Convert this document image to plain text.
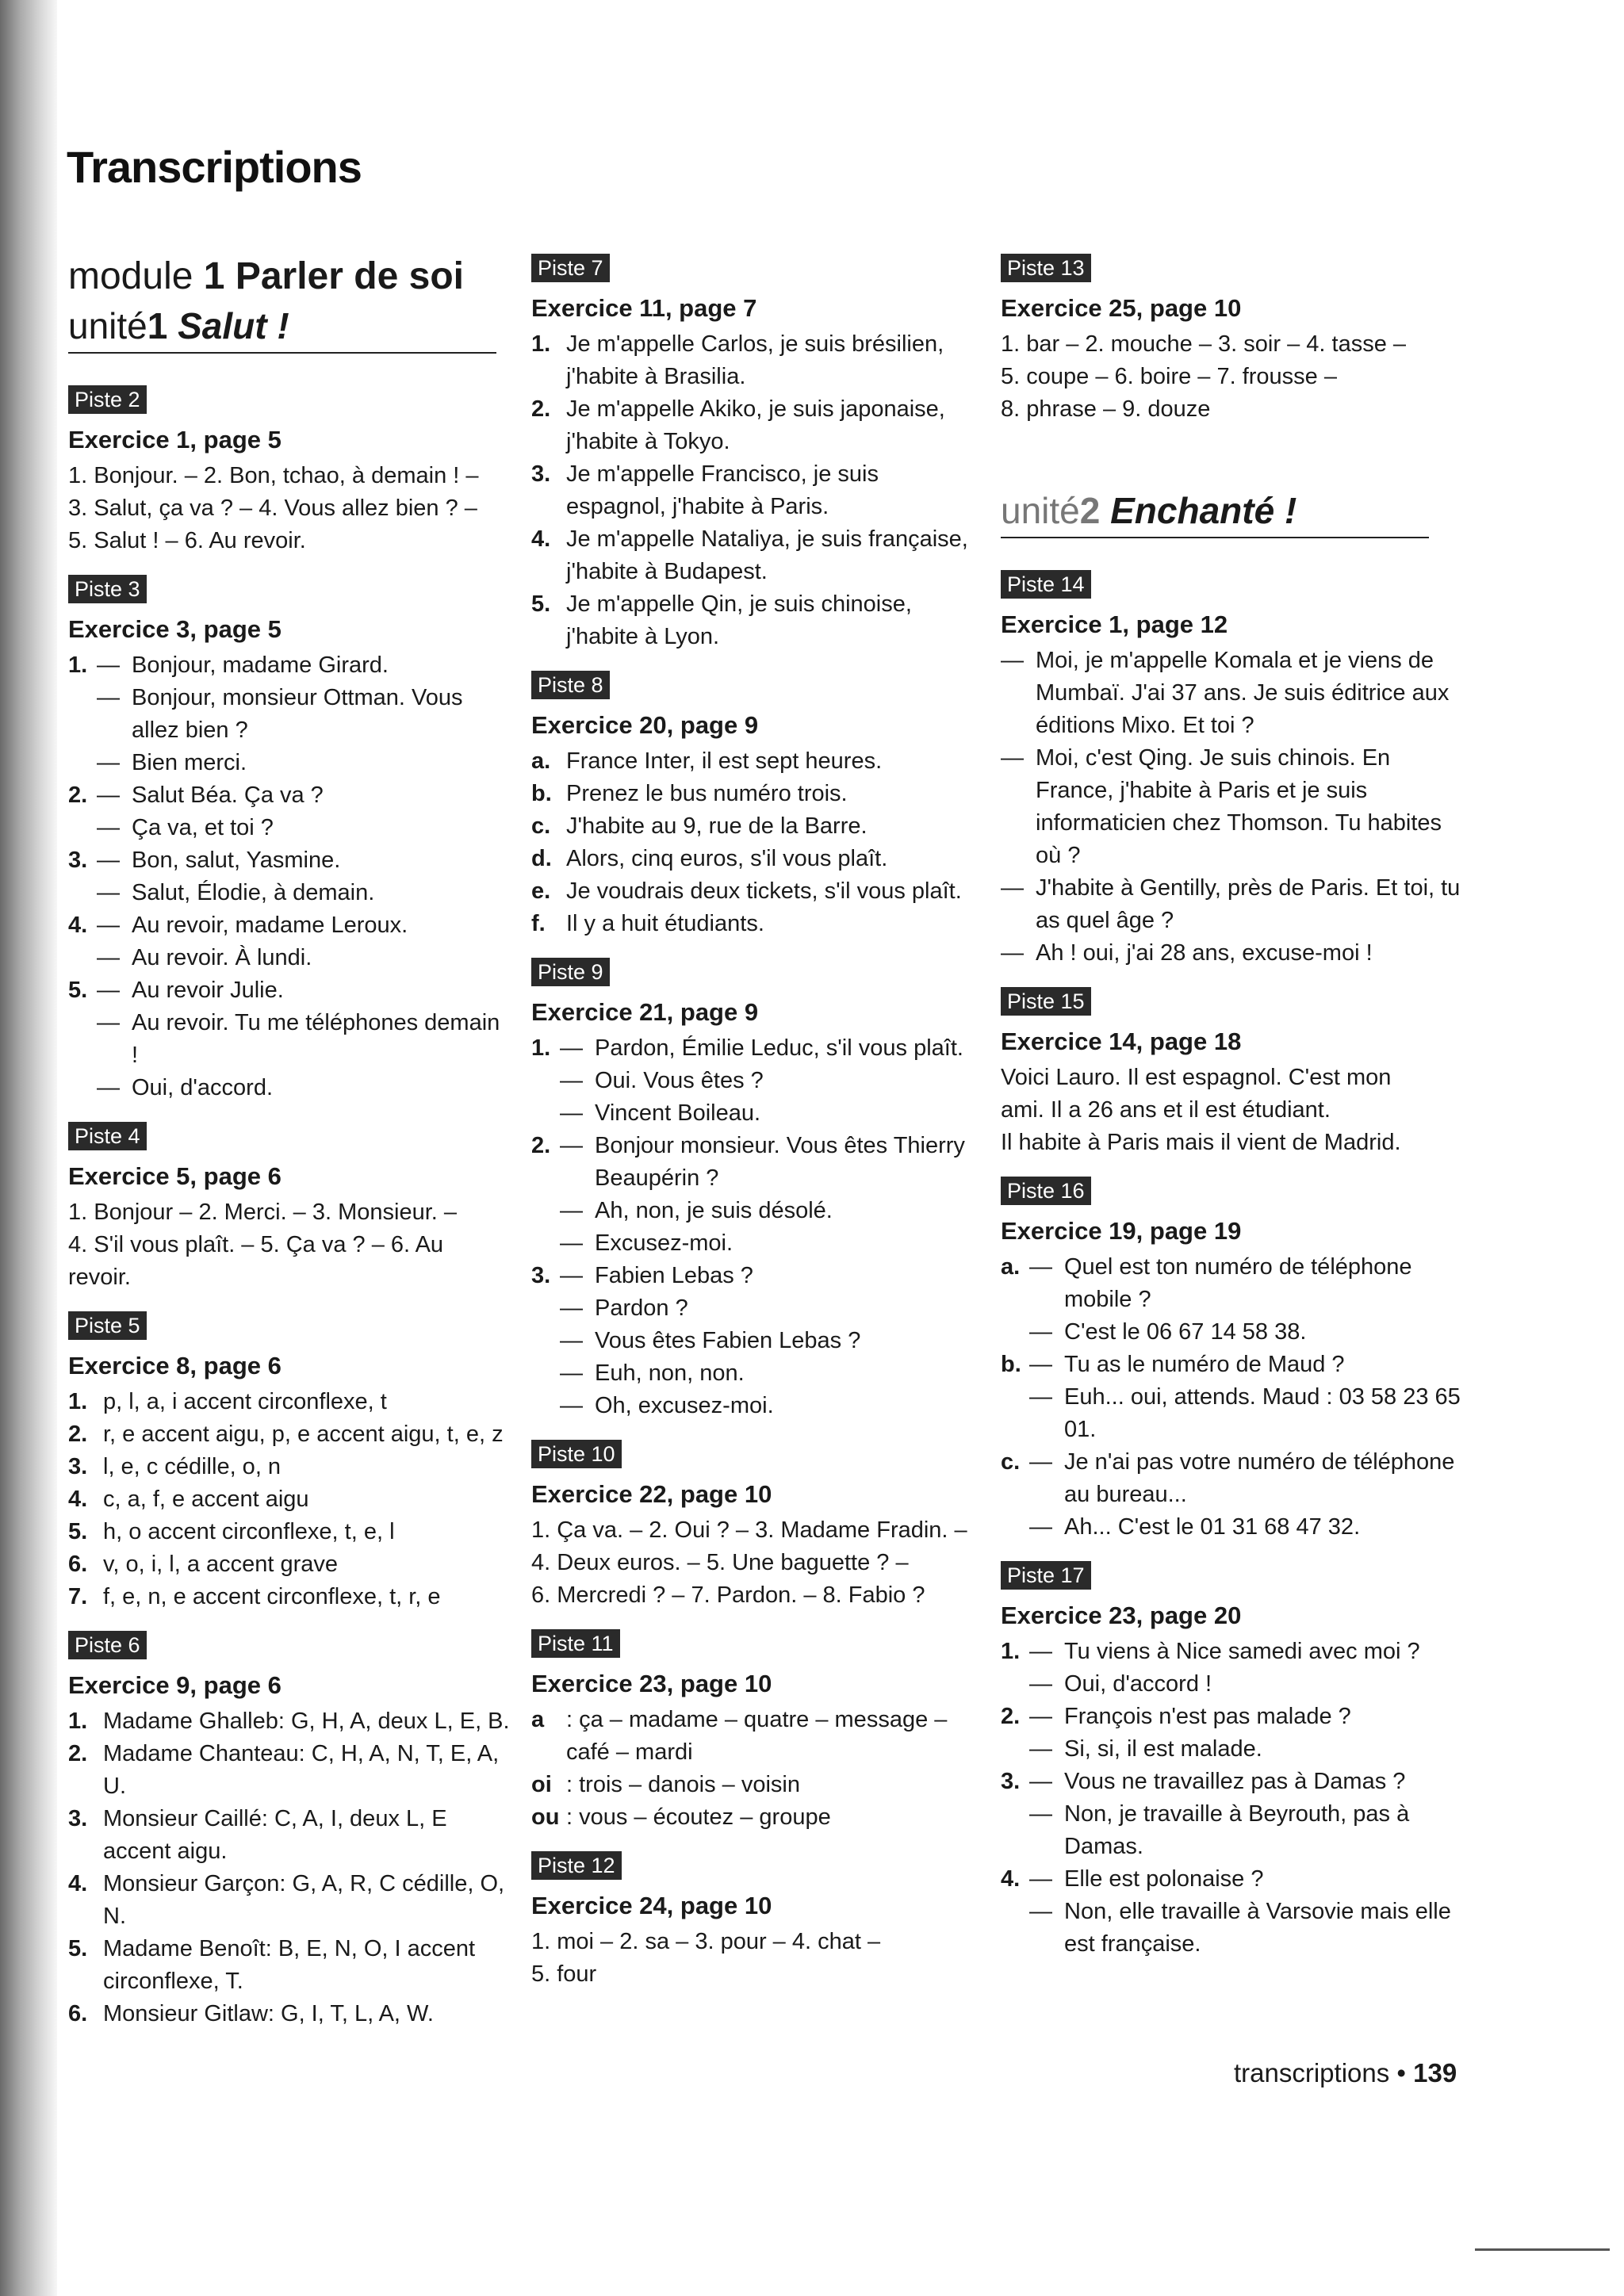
Transcriptions
module 1 Parler de soi
unité1 Salut !
Piste 2
Exercice 1, page 5

1. Bonjour. – 2. Bon, tchao, à demain ! –

3. Salut, ça va ? – 4. Vous allez bien ? –

5. Salut ! – 6. Au revoir.

Piste 3
Exercice 3, page 5
1. — Bonjour, madame Girard.
— Bonjour, monsieur Ottman. Vous allez bien ?
— Bien merci.
2. — Salut Béa. Ça va ?
— Ça va, et toi ?
3. — Bon, salut, Yasmine.
— Salut, Élodie, à demain.
4. — Au revoir, madame Leroux.
— Au revoir. À lundi.
5. — Au revoir Julie.
— Au revoir. Tu me téléphones demain !
— Oui, d'accord.
Piste 4
Exercice 5, page 6

1. Bonjour – 2. Merci. – 3. Monsieur. –

4. S'il vous plaît. – 5. Ça va ? – 6. Au revoir.

Piste 5
Exercice 8, page 6
1. p, l, a, i accent circonflexe, t
2. r, e accent aigu, p, e accent aigu, t, e, z
3. l, e, c cédille, o, n
4. c, a, f, e accent aigu
5. h, o accent circonflexe, t, e, l
6. v, o, i, l, a accent grave
7. f, e, n, e accent circonflexe, t, r, e
Piste 6
Exercice 9, page 6
1. Madame Ghalleb: G, H, A, deux L, E, B.
2. Madame Chanteau: C, H, A, N, T, E, A, U.
3. Monsieur Caillé: C, A, I, deux L, E accent aigu.
4. Monsieur Garçon: G, A, R, C cédille, O, N.
5. Madame Benoît: B, E, N, O, I accent circonflexe, T.
6. Monsieur Gitlaw: G, I, T, L, A, W.
Piste 7
Exercice 11, page 7
1. Je m'appelle Carlos, je suis brésilien, j'habite à Brasilia.
2. Je m'appelle Akiko, je suis japonaise, j'habite à Tokyo.
3. Je m'appelle Francisco, je suis espagnol, j'habite à Paris.
4. Je m'appelle Nataliya, je suis française, j'habite à Budapest.
5. Je m'appelle Qin, je suis chinoise, j'habite à Lyon.
Piste 8
Exercice 20, page 9
a. France Inter, il est sept heures.
b. Prenez le bus numéro trois.
c. J'habite au 9, rue de la Barre.
d. Alors, cinq euros, s'il vous plaît.
e. Je voudrais deux tickets, s'il vous plaît.
f. Il y a huit étudiants.
Piste 9
Exercice 21, page 9
1. — Pardon, Émilie Leduc, s'il vous plaît.
— Oui. Vous êtes ?
— Vincent Boileau.
2. — Bonjour monsieur. Vous êtes Thierry Beaupérin ?
— Ah, non, je suis désolé.
— Excusez-moi.
3. — Fabien Lebas ?
— Pardon ?
— Vous êtes Fabien Lebas ?
— Euh, non, non.
— Oh, excusez-moi.
Piste 10
Exercice 22, page 10

1. Ça va. – 2. Oui ? – 3. Madame Fradin. –

4. Deux euros. – 5. Une baguette ? –

6. Mercredi ? – 7. Pardon. – 8. Fabio ?

Piste 11
Exercice 23, page 10
a : ça – madame – quatre – message – café – mardi
oi : trois – danois – voisin
ou : vous – écoutez – groupe
Piste 12
Exercice 24, page 10

1. moi – 2. sa – 3. pour – 4. chat –

5. four

Piste 13
Exercice 25, page 10

1. bar – 2. mouche – 3. soir – 4. tasse –

5. coupe – 6. boire – 7. frousse –

8. phrase – 9. douze

unité2 Enchanté !
Piste 14
Exercice 1, page 12
— Moi, je m'appelle Komala et je viens de Mumbaï. J'ai 37 ans. Je suis éditrice aux éditions Mixo. Et toi ?
— Moi, c'est Qing. Je suis chinois. En France, j'habite à Paris et je suis informaticien chez Thomson. Tu habites où ?
— J'habite à Gentilly, près de Paris. Et toi, tu as quel âge ?
— Ah ! oui, j'ai 28 ans, excuse-moi !
Piste 15
Exercice 14, page 18

Voici Lauro. Il est espagnol. C'est mon

ami. Il a 26 ans et il est étudiant.

Il habite à Paris mais il vient de Madrid.

Piste 16
Exercice 19, page 19
a. — Quel est ton numéro de téléphone mobile ?
— C'est le 06 67 14 58 38.
b. — Tu as le numéro de Maud ?
— Euh... oui, attends. Maud : 03 58 23 65 01.
c. — Je n'ai pas votre numéro de téléphone au bureau...
— Ah... C'est le 01 31 68 47 32.
Piste 17
Exercice 23, page 20
1. — Tu viens à Nice samedi avec moi ?
— Oui, d'accord !
2. — François n'est pas malade ?
— Si, si, il est malade.
3. — Vous ne travaillez pas à Damas ?
— Non, je travaille à Beyrouth, pas à Damas.
4. — Elle est polonaise ?
— Non, elle travaille à Varsovie mais elle est française.
transcriptions • 139
